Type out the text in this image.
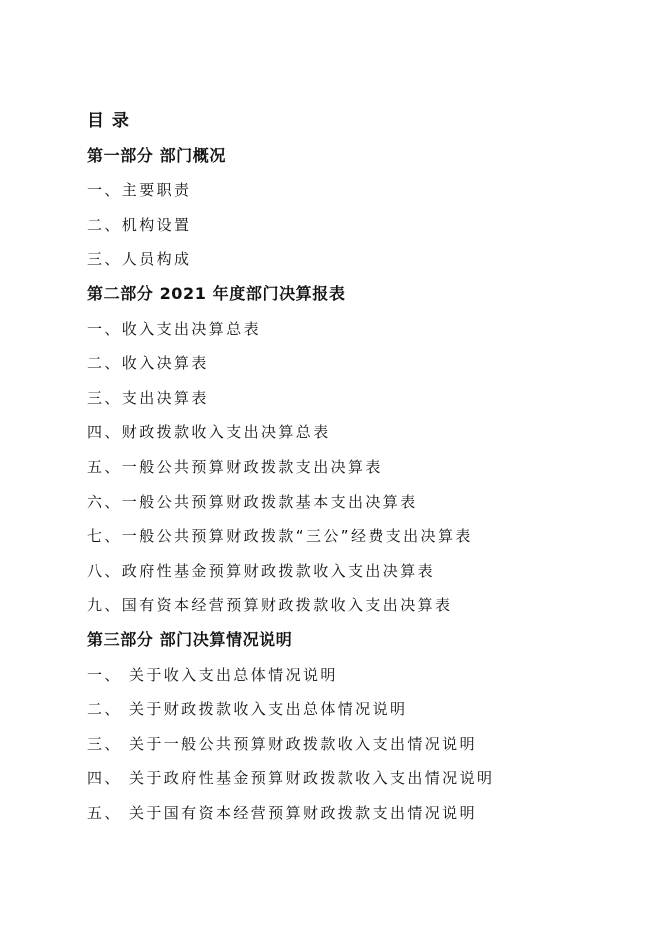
目 录
第一部分 部门概况
一、主要职责
二、机构设置
三、人员构成
第二部分 2021 年度部门决算报表
一、收入支出决算总表
二、收入决算表
三、支出决算表
四、财政拨款收入支出决算总表
五、一般公共预算财政拨款支出决算表
六、一般公共预算财政拨款基本支出决算表
七、一般公共预算财政拨款“三公”经费支出决算表
八、政府性基金预算财政拨款收入支出决算表
九、国有资本经营预算财政拨款收入支出决算表
第三部分 部门决算情况说明
一、 关于收入支出总体情况说明
二、 关于财政拨款收入支出总体情况说明
三、 关于一般公共预算财政拨款收入支出情况说明
四、 关于政府性基金预算财政拨款收入支出情况说明
五、 关于国有资本经营预算财政拨款支出情况说明
